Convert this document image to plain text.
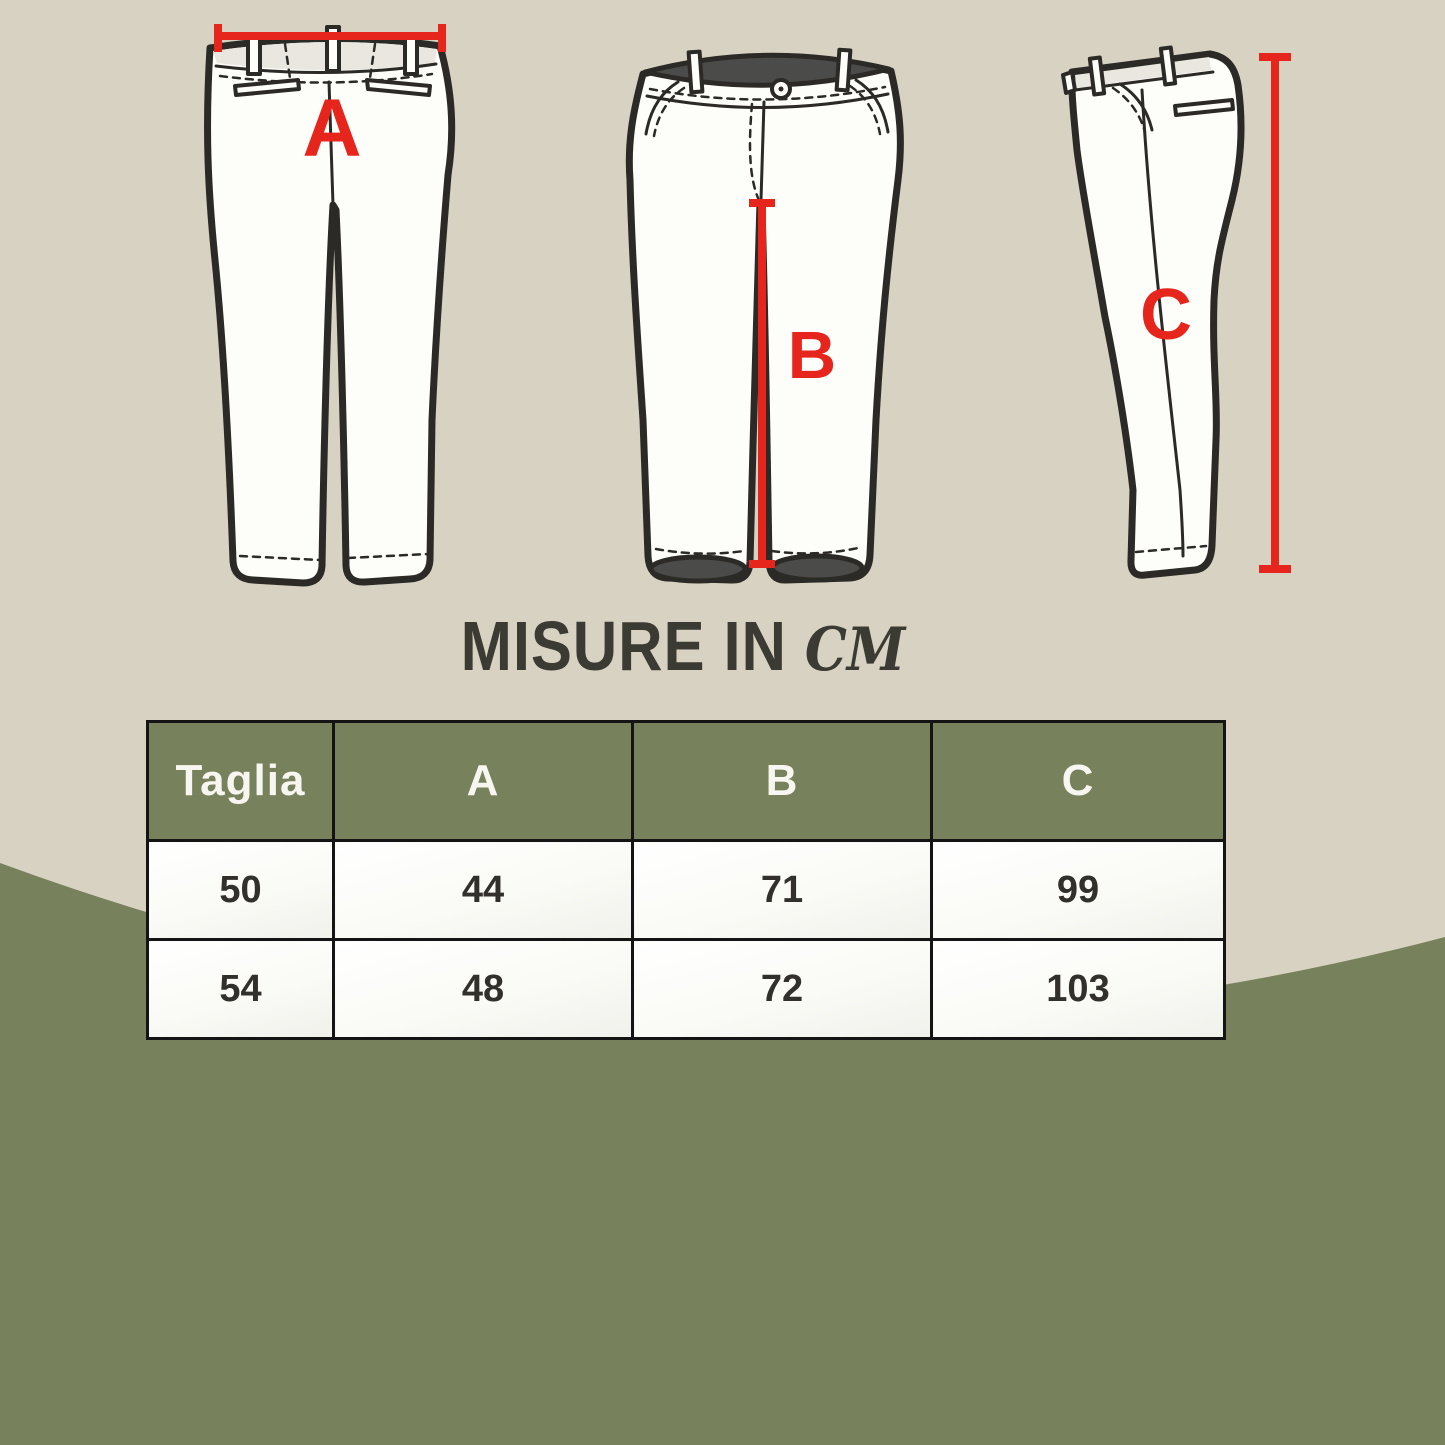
A
B
C
MISURE IN CM
Taglia	A	B	C
50	44	71	99
54	48	72	103
